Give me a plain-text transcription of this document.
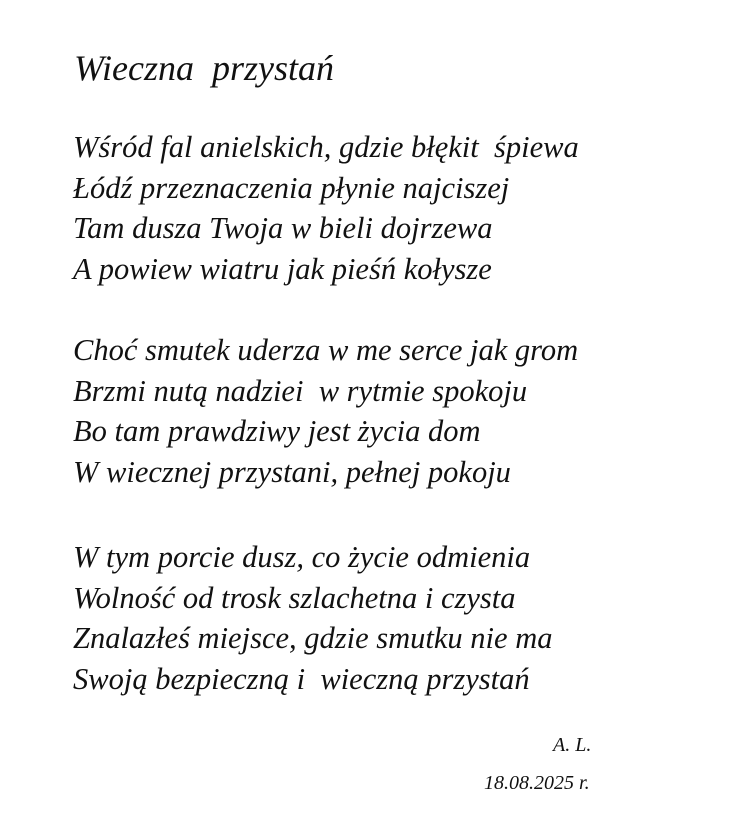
Wieczna  przystań
Wśród fal anielskich, gdzie błękit  śpiewa
Łódź przeznaczenia płynie najciszej
Tam dusza Twoja w bieli dojrzewa
A powiew wiatru jak pieśń kołysze
Choć smutek uderza w me serce jak grom
Brzmi nutą nadziei  w rytmie spokoju
Bo tam prawdziwy jest życia dom
W wiecznej przystani, pełnej pokoju
W tym porcie dusz, co życie odmienia
Wolność od trosk szlachetna i czysta
Znalazłeś miejsce, gdzie smutku nie ma
Swoją bezpieczną i  wieczną przystań
A. L.
18.08.2025 r.
